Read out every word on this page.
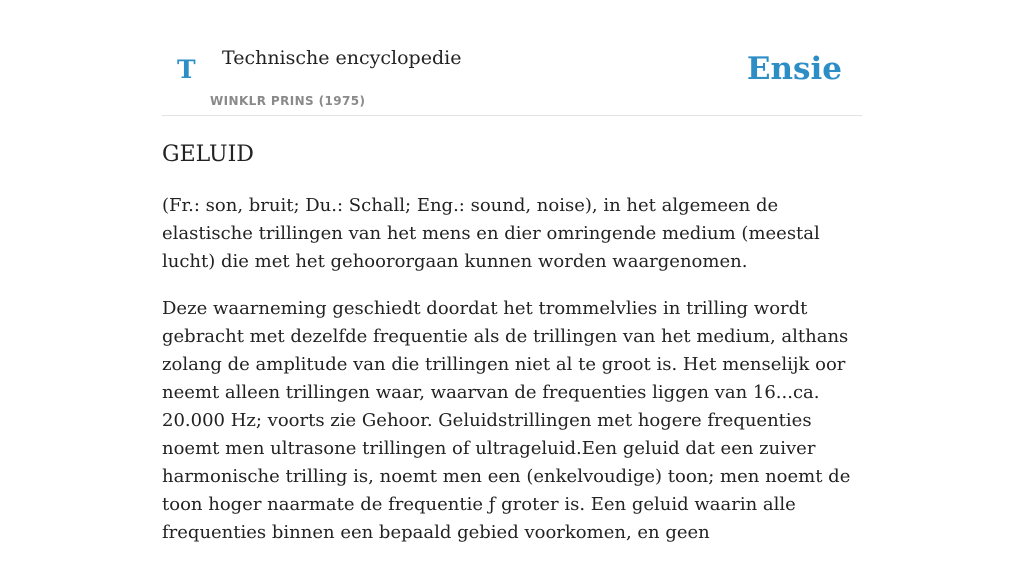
T Technische encyclopedie
WINKLR PRINS (1975)
Ensie
GELUID

(Fr.: son, bruit; Du.: Schall; Eng.: sound, noise), in het algemeen de elastische trillingen van het mens en dier omringende medium (meestal lucht) die met het gehoororgaan kunnen worden waargenomen.

Deze waarneming geschiedt doordat het trommelvlies in trilling wordt gebracht met dezelfde frequentie als de trillingen van het medium, althans zolang de amplitude van die trillingen niet al te groot is. Het menselijk oor neemt alleen trillingen waar, waarvan de frequenties liggen van 16...ca. 20.000 Hz; voorts zie Gehoor. Geluidstrillingen met hogere frequenties noemt men ultrasone trillingen of ultrageluid.Een geluid dat een zuiver harmonische trilling is, noemt men een (enkelvoudige) toon; men noemt de toon hoger naarmate de frequentie ƒ groter is. Een geluid waarin alle frequenties binnen een bepaald gebied voorkomen, en geen
